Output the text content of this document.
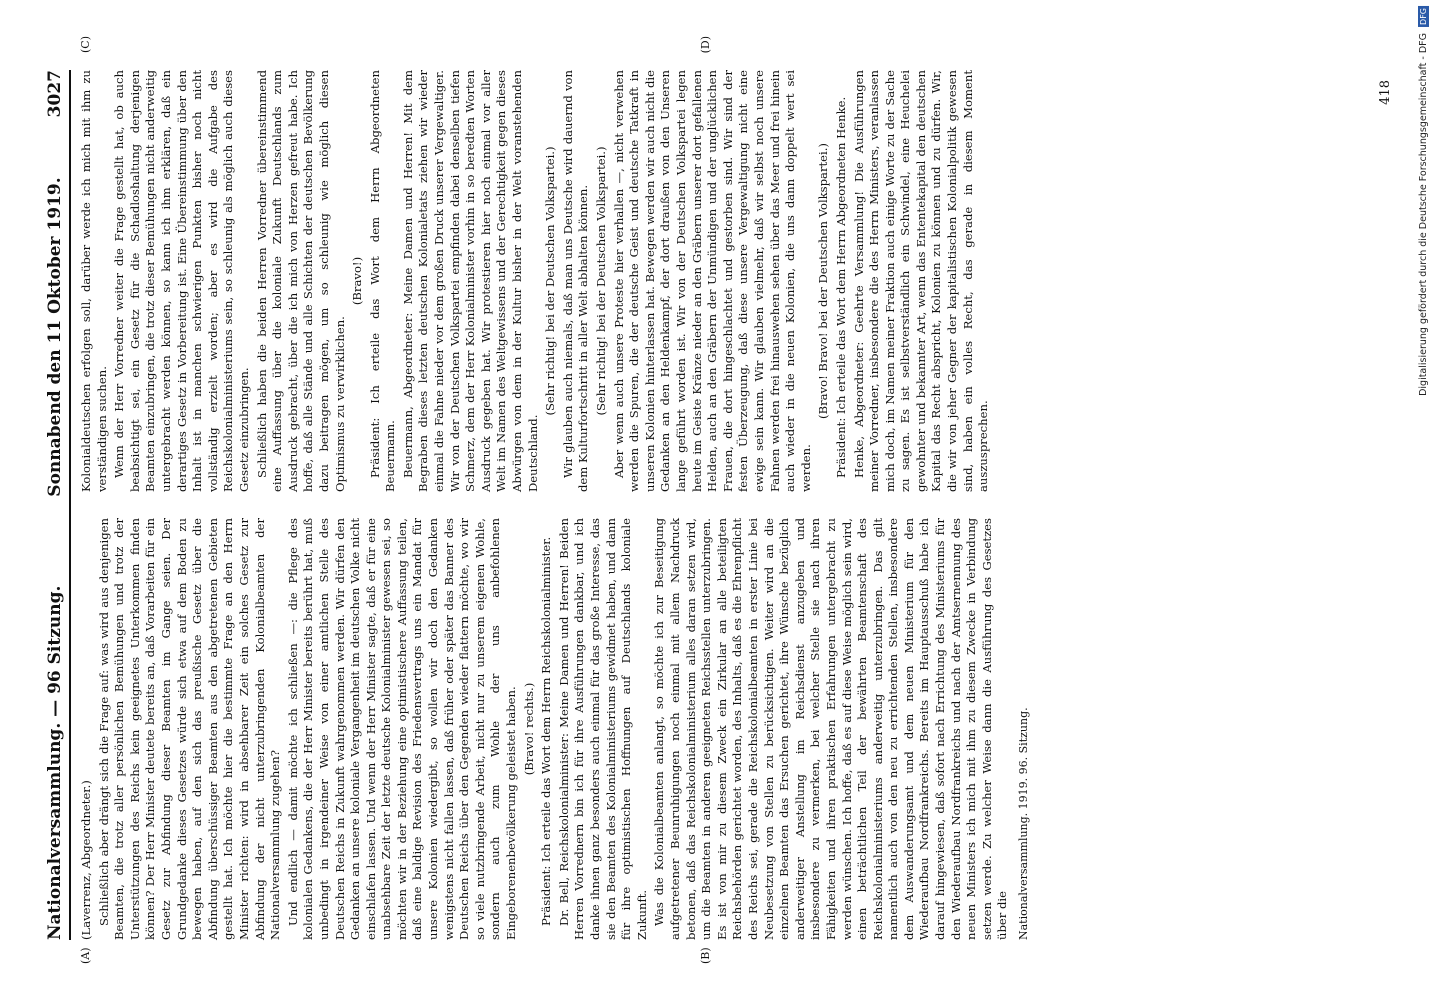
Nationalversammlung. — 96 Sitzung.
Sonnabend den 11 Oktober 1919.
3027
(A)	(B)
(C)	(D)

(Laverrenz, Abgeordneter.) Schließlich aber drängt sich die Frage auf: was wird aus denjenigen Beamten, die trotz aller persönlichen Bemühungen und trotz der Unterstützungen des Reichs kein geeignetes Unterkommen finden können? Der Herr Minister deutete bereits an, daß Vorarbeiten für ein Gesetz zur Abfindung dieser Beamten im Gange seien. Der Grundgedanke dieses Gesetzes würde sich etwa auf dem Boden zu bewegen haben, auf den sich das preußische Gesetz über die Abfindung überschüssiger Beamten aus den abgetretenen Gebieten gestellt hat. Ich möchte hier die bestimmte Frage an den Herrn Minister richten: wird in absehbarer Zeit ein solches Gesetz zur Abfindung der nicht unterzubringenden Kolonialbeamten der Nationalversammlung zugehen? Und endlich — damit möchte ich schließen —: die Pflege des kolonialen Gedankens, die der Herr Minister bereits berührt hat, muß unbedingt in irgendeiner Weise von einer amtlichen Stelle des Deutschen Reichs in Zukunft wahrgenommen werden. Wir dürfen den Gedanken an unsere koloniale Vergangenheit im deutschen Volke nicht einschlafen lassen. Und wenn der Herr Minister sagte, daß er für eine unabsehbare Zeit der letzte deutsche Kolonialminister gewesen sei, so möchten wir in der Beziehung eine optimistischere Auffassung teilen, daß eine baldige Revision des Friedensvertrags uns ein Mandat für unsere Kolonien wiedergibt, so wollen wir doch den Gedanken wenigstens nicht fallen lassen, daß früher oder später das Banner des Deutschen Reichs über den Gegenden wieder flattern möchte, wo wir so viele nutzbringende Arbeit, nicht nur zu unserem eigenen Wohle, sondern auch zum Wohle der uns anbefohlenen Eingeborenenbevölkerung geleistet haben. (Bravo! rechts.) Präsident: Ich erteile das Wort dem Herrn Reichskolonialminister. Dr. Bell, Reichskolonialminister: Meine Damen und Herren! Beiden Herren Vorrednern bin ich für ihre Ausführungen dankbar, und ich danke ihnen ganz besonders auch einmal für das große Interesse, das sie den Beamten des Kolonialministeriums gewidmet haben, und dann für ihre optimistischen Hoffnungen auf Deutschlands koloniale Zukunft. Was die Kolonialbeamten anlangt, so möchte ich zur Beseitigung aufgetretener Beunruhigungen noch einmal mit allem Nachdruck betonen, daß das Reichskolonialministerium alles daran setzen wird, um die Beamten in anderen geeigneten Reichsstellen unterzubringen. Es ist von mir zu diesem Zweck ein Zirkular an alle beteiligten Reichsbehörden gerichtet worden, des Inhalts, daß es die Ehrenpflicht des Reichs sei, gerade die Reichskolonialbeamten in erster Linie bei Neubesetzung von Stellen zu berücksichtigen. Weiter wird an die einzelnen Beamten das Ersuchen gerichtet, ihre Wünsche bezüglich anderweitiger Anstellung im Reichsdienst anzugeben und insbesondere zu vermerken, bei welcher Stelle sie nach ihren Fähigkeiten und ihren praktischen Erfahrungen untergebracht zu werden wünschen. Ich hoffe, daß es auf diese Weise möglich sein wird, einen beträchtlichen Teil der bewährten Beamtenschaft des Reichskolonialministeriums anderweitig unterzubringen. Das gilt namentlich auch von den neu zu errichtenden Stellen, insbesondere dem Auswanderungsamt und dem neuen Ministerium für den Wiederaufbau Nordfrankreichs. Bereits im Hauptausschuß habe ich darauf hingewiesen, daß sofort nach Errichtung des Ministeriums für den Wiederaufbau Nordfrankreichs und nach der Amtsernennung des neuen Ministers ich mich mit ihm zu diesem Zwecke in Verbindung setzen werde. Zu welcher Weise dann die Ausführung des Gesetzes über die

Kolonialdeutschen erfolgen soll, darüber werde ich mich mit ihm zu verständigen suchen. Wenn der Herr Vorredner weiter die Frage gestellt hat, ob auch beabsichtigt sei, ein Gesetz für die Schadloshaltung derjenigen Beamten einzubringen, die trotz dieser Bemühungen nicht anderweitig untergebracht werden können, so kann ich ihm erklären, daß ein derartiges Gesetz in Vorbereitung ist. Eine Übereinstimmung über den Inhalt ist in manchen schwierigen Punkten bisher noch nicht vollständig erzielt worden; aber es wird die Aufgabe des Reichskolonialministeriums sein, so schleunig als möglich auch dieses Gesetz einzubringen. Schließlich haben die beiden Herren Vorredner übereinstimmend eine Auffassung über die koloniale Zukunft Deutschlands zum Ausdruck gebracht, über die ich mich von Herzen gefreut habe. Ich hoffe, daß alle Stände und alle Schichten der deutschen Bevölkerung dazu beitragen mögen, um so schleunig wie möglich diesen Optimismus zu verwirklichen.

(Bravo!) Präsident: Ich erteile das Wort dem Herrn Abgeordneten Beuermann. Beuermann, Abgeordneter: Meine Damen und Herren! Mit dem Begraben dieses letzten deutschen Kolonialetats ziehen wir wieder einmal die Fahne nieder vor dem großen Druck unserer Vergewaltiger. Wir von der Deutschen Volkspartei empfinden dabei denselben tiefen Schmerz, dem der Herr Kolonialminister vorhin in so beredten Worten Ausdruck gegeben hat. Wir protestieren hier noch einmal vor aller Welt im Namen des Weltgewissens und der Gerechtigkeit gegen dieses Abwürgen von dem in der Kultur bisher in der Welt voranstehenden Deutschland.

(Sehr richtig! bei der Deutschen Volkspartei.) Wir glauben auch niemals, daß man uns Deutsche wird dauernd von dem Kulturfortschritt in aller Welt abhalten können. (Sehr richtig! bei der Deutschen Volkspartei.) Aber wenn auch unsere Proteste hier verhallen —, nicht verwehen werden die Spuren, die der deutsche Geist und deutsche Tatkraft in unseren Kolonien hinterlassen hat. Bewegen werden wir auch nicht die Gedanken an den Heldenkampf, der dort draußen von den Unseren lange geführt worden ist. Wir von der Deutschen Volkspartei legen heute im Geiste Kränze nieder an den Gräbern unserer dort gefallenen Helden, auch an den Gräbern der Unmündigen und der unglücklichen Frauen, die dort hingeschlachtet und gestorben sind. Wir sind der festen Überzeugung, daß diese unsere Vergewaltigung nicht eine ewige sein kann. Wir glauben vielmehr, daß wir selbst noch unsere Fahnen werden frei hinauswehen sehen über das Meer und frei hinein auch wieder in die neuen Kolonien, die uns dann doppelt wert sei werden.

(Bravo! Bravo! bei der Deutschen Volkspartei.) Präsident: Ich erteile das Wort dem Herrn Abgeordneten Henke. Henke, Abgeordneter: Geehrte Versammlung! Die Ausführungen meiner Vorredner, insbesondere die des Herrn Ministers, veranlassen mich doch, im Namen meiner Fraktion auch einige Worte zu der Sache zu sagen. Es ist selbstverständlich ein Schwindel, eine Heuchelei gewohnter und bekannter Art, wenn das Ententekapital den deutschen Kapital das Recht abspricht, Kolonien zu können und zu dürfen. Wir, die wir von jeher Gegner der kapitalistischen Kolonialpolitik gewesen sind, haben ein volles Recht, das gerade in diesem Moment auszusprechen.

Nationalversammlung. 1919. 96. Sitzung.
418
DFG
Digitalisierung gefördert durch die Deutsche Forschungsgemeinschaft - DFG
